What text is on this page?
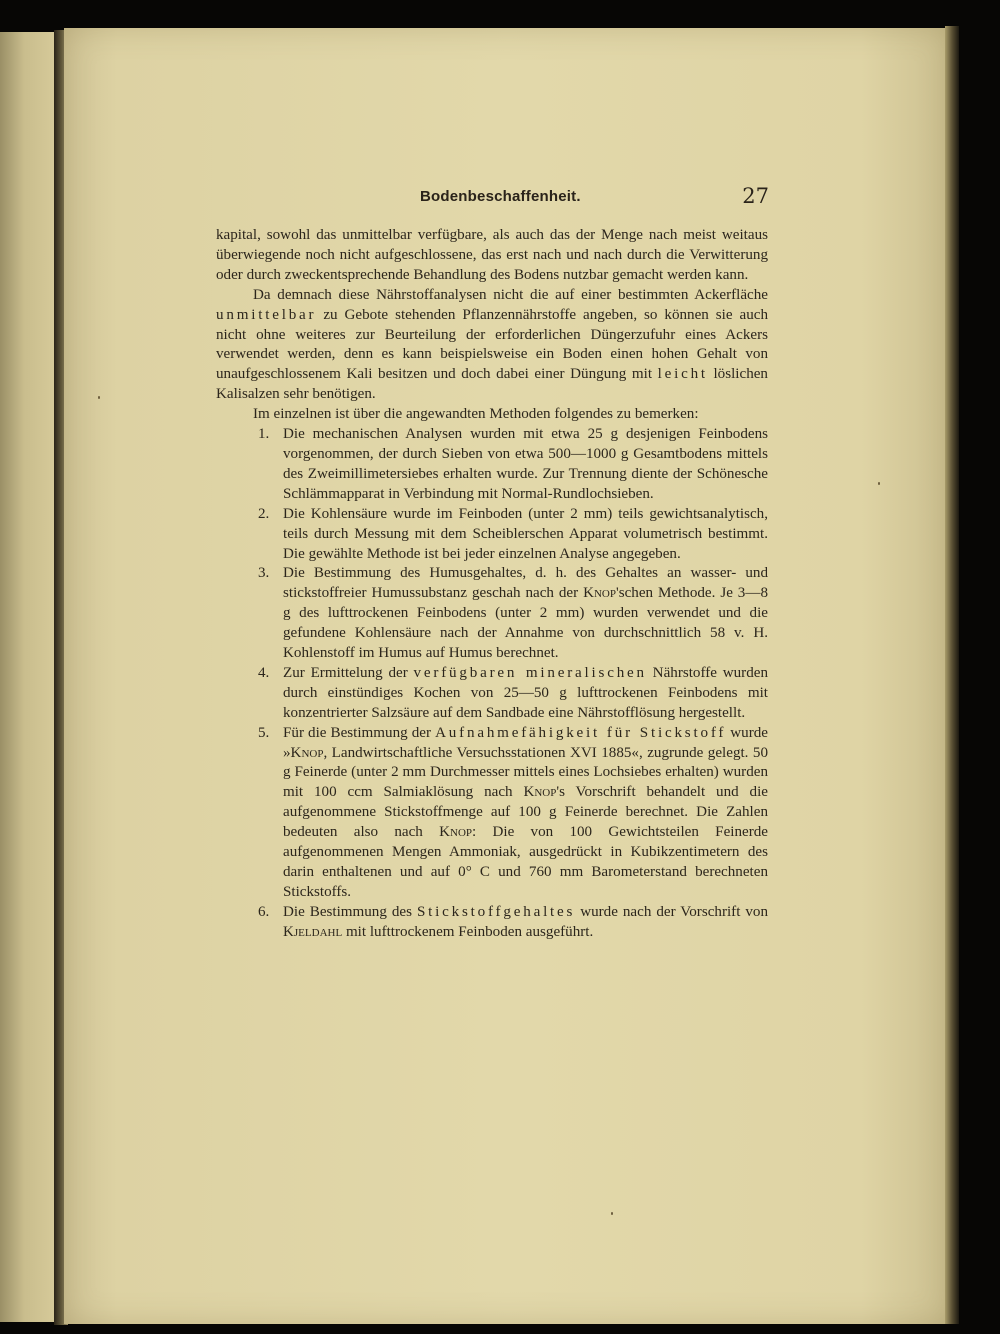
Bodenbeschaffenheit.	27

kapital, sowohl das unmittelbar verfügbare, als auch das der Menge nach meist weitaus überwiegende noch nicht aufgeschlossene, das erst nach und nach durch die Verwitterung oder durch zweckentsprechende Behandlung des Bodens nutzbar gemacht werden kann.

Da demnach diese Nährstoffanalysen nicht die auf einer bestimmten Ackerfläche unmittelbar zu Gebote stehenden Pflanzennährstoffe angeben, so können sie auch nicht ohne weiteres zur Beurteilung der erforderlichen Düngerzufuhr eines Ackers verwendet werden, denn es kann beispielsweise ein Boden einen hohen Gehalt von unaufgeschlossenem Kali besitzen und doch dabei einer Düngung mit leicht löslichen Kalisalzen sehr benötigen.

Im einzelnen ist über die angewandten Methoden folgendes zu bemerken:

1. Die mechanischen Analysen wurden mit etwa 25 g desjenigen Feinbodens vorgenommen, der durch Sieben von etwa 500—1000 g Gesamtbodens mittels des Zweimillimetersiebes erhalten wurde. Zur Trennung diente der Schönesche Schlämmapparat in Verbindung mit Normal-Rundlochsieben.
2. Die Kohlensäure wurde im Feinboden (unter 2 mm) teils gewichtsanalytisch, teils durch Messung mit dem Scheiblerschen Apparat volumetrisch bestimmt. Die gewählte Methode ist bei jeder einzelnen Analyse angegeben.
3. Die Bestimmung des Humusgehaltes, d. h. des Gehaltes an wasser- und stickstoffreier Humussubstanz geschah nach der Knop'schen Methode. Je 3—8 g des lufttrockenen Feinbodens (unter 2 mm) wurden verwendet und die gefundene Kohlensäure nach der Annahme von durchschnittlich 58 v. H. Kohlenstoff im Humus auf Humus berechnet.
4. Zur Ermittelung der verfügbaren mineralischen Nährstoffe wurden durch einstündiges Kochen von 25—50 g lufttrockenen Feinbodens mit konzentrierter Salzsäure auf dem Sandbade eine Nährstofflösung hergestellt.
5. Für die Bestimmung der Aufnahmefähigkeit für Stickstoff wurde »Knop, Landwirtschaftliche Versuchsstationen XVI 1885«, zugrunde gelegt. 50 g Feinerde (unter 2 mm Durchmesser mittels eines Lochsiebes erhalten) wurden mit 100 ccm Salmiaklösung nach Knop's Vorschrift behandelt und die aufgenommene Stickstoffmenge auf 100 g Feinerde berechnet. Die Zahlen bedeuten also nach Knop: Die von 100 Gewichtsteilen Feinerde aufgenommenen Mengen Ammoniak, ausgedrückt in Kubikzentimetern des darin enthaltenen und auf 0° C und 760 mm Barometerstand berechneten Stickstoffs.
6. Die Bestimmung des Stickstoffgehaltes wurde nach der Vorschrift von Kjeldahl mit lufttrockenem Feinboden ausgeführt.
